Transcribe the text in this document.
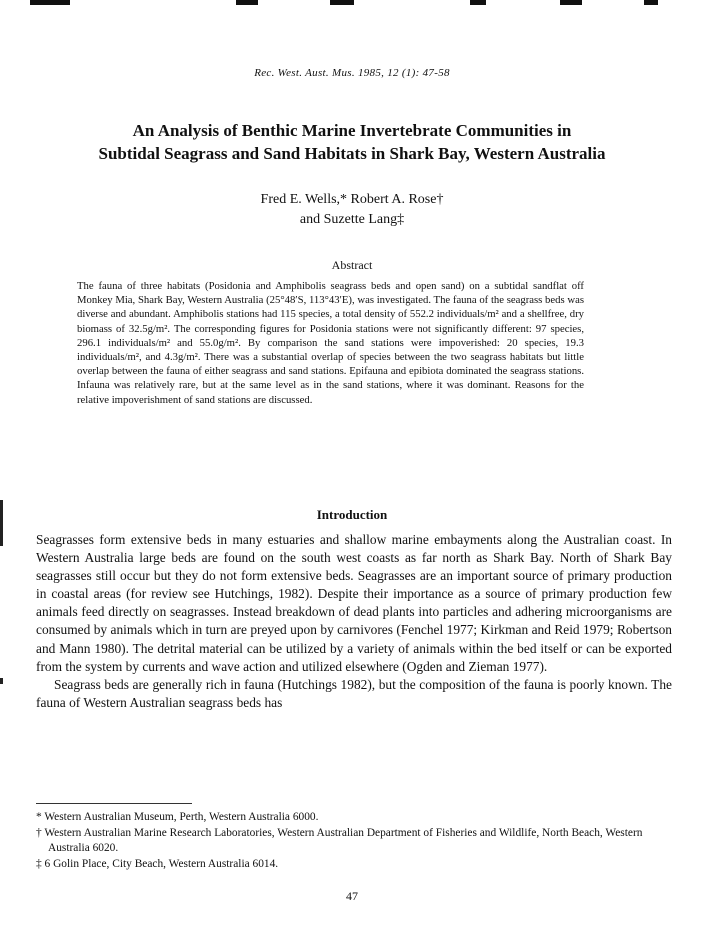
Rec. West. Aust. Mus. 1985, 12 (1): 47-58
An Analysis of Benthic Marine Invertebrate Communities in
Subtidal Seagrass and Sand Habitats in Shark Bay, Western Australia
Fred E. Wells,* Robert A. Rose†
and Suzette Lang‡
Abstract
The fauna of three habitats (Posidonia and Amphibolis seagrass beds and open sand) on a subtidal sandflat off Monkey Mia, Shark Bay, Western Australia (25°48′S, 113°43′E), was investigated. The fauna of the seagrass beds was diverse and abundant. Amphibolis stations had 115 species, a total density of 552.2 individuals/m² and a shellfree, dry biomass of 32.5g/m². The corresponding figures for Posidonia stations were not significantly different: 97 species, 296.1 individuals/m² and 55.0g/m². By comparison the sand stations were impoverished: 20 species, 19.3 individuals/m², and 4.3g/m². There was a substantial overlap of species between the two seagrass habitats but little overlap between the fauna of either seagrass and sand stations. Epifauna and epibiota dominated the seagrass stations. Infauna was relatively rare, but at the same level as in the sand stations, where it was dominant. Reasons for the relative impoverishment of sand stations are discussed.
Introduction

Seagrasses form extensive beds in many estuaries and shallow marine embayments along the Australian coast. In Western Australia large beds are found on the south west coasts as far north as Shark Bay. North of Shark Bay seagrasses still occur but they do not form extensive beds. Seagrasses are an important source of primary production in coastal areas (for review see Hutchings, 1982). Despite their importance as a source of primary production few animals feed directly on seagrasses. Instead breakdown of dead plants into particles and adhering microorganisms are consumed by animals which in turn are preyed upon by carnivores (Fenchel 1977; Kirkman and Reid 1979; Robertson and Mann 1980). The detrital material can be utilized by a variety of animals within the bed itself or can be exported from the system by currents and wave action and utilized elsewhere (Ogden and Zieman 1977).

Seagrass beds are generally rich in fauna (Hutchings 1982), but the composition of the fauna is poorly known. The fauna of Western Australian seagrass beds has

* Western Australian Museum, Perth, Western Australia 6000.
† Western Australian Marine Research Laboratories, Western Australian Department of Fisheries and Wildlife, North Beach, Western Australia 6020.
‡ 6 Golin Place, City Beach, Western Australia 6014.
47
